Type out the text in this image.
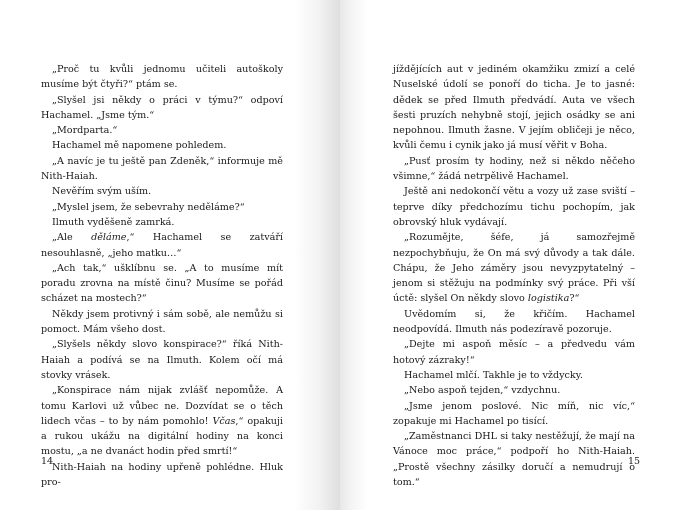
„Proč tu kvůli jednomu učiteli autoškoly musíme být čtyři?“ ptám se.

„Slyšel jsi někdy o práci v týmu?“ odpoví Hachamel. „Jsme tým.“

„Mordparta.“

Hachamel mě napomene pohledem.

„A navíc je tu ještě pan Zdeněk,“ informuje mě Nith-Haiah.

Nevěřím svým uším.

„Myslel jsem, že sebevrahy neděláme?“

Ilmuth vyděšeně zamrká.

„Ale děláme,“ Hachamel se zatváří nesouhlasně, „jeho matku…“

„Ach tak,“ ušklíbnu se. „A to musíme mít poradu zrovna na místě činu? Musíme se pořád scházet na mostech?“

Někdy jsem protivný i sám sobě, ale nemůžu si pomoct. Mám všeho dost.

„Slyšels někdy slovo konspirace?“ říká Nith-Haiah a podívá se na Ilmuth. Kolem očí má stovky vrásek.

„Konspirace nám nijak zvlášť nepomůže. A tomu Karlovi už vůbec ne. Dozvídat se o těch lidech včas – to by nám pomohlo! Včas,“ opakuji a rukou ukážu na digitální hodiny na konci mostu, „a ne dvanáct hodin před smrtí!“

Nith-Haiah na hodiny upřeně pohlédne. Hluk pro-

14

jíždějících aut v jediném okamžiku zmizí a celé Nuselské údolí se ponoří do ticha. Je to jasné: dědek se před Ilmuth předvádí. Auta ve všech šesti pruzích nehybně stojí, jejich osádky se ani nepohnou. Ilmuth žasne. V jejím obličeji je něco, kvůli čemu i cynik jako já musí věřit v Boha.

„Pusť prosím ty hodiny, než si někdo něčeho všimne,“ žádá netrpělivě Hachamel.

Ještě ani nedokončí větu a vozy už zase sviští – teprve díky předchozímu tichu pochopím, jak obrovský hluk vydávají.

„Rozumějte, šéfe, já samozřejmě nezpochybňuju, že On má svý důvody a tak dále. Chápu, že Jeho záměry jsou nevyzpytatelný – jenom si stěžuju na podmínky svý práce. Při vší úctě: slyšel On někdy slovo logistika?“

Uvědomím si, že křičím. Hachamel neodpovídá. Ilmuth nás podezíravě pozoruje.

„Dejte mi aspoň měsíc – a předvedu vám hotový zázraky!“

Hachamel mlčí. Takhle je to vždycky.

„Nebo aspoň tejden,“ vzdychnu.

„Jsme jenom poslové. Nic míň, nic víc,“ zopakuje mi Hachamel po tisící.

„Zaměstnanci DHL si taky nestěžují, že mají na Vánoce moc práce,“ podpoří ho Nith-Haiah. „Prostě všechny zásilky doručí a nemudrují o tom.“

15
